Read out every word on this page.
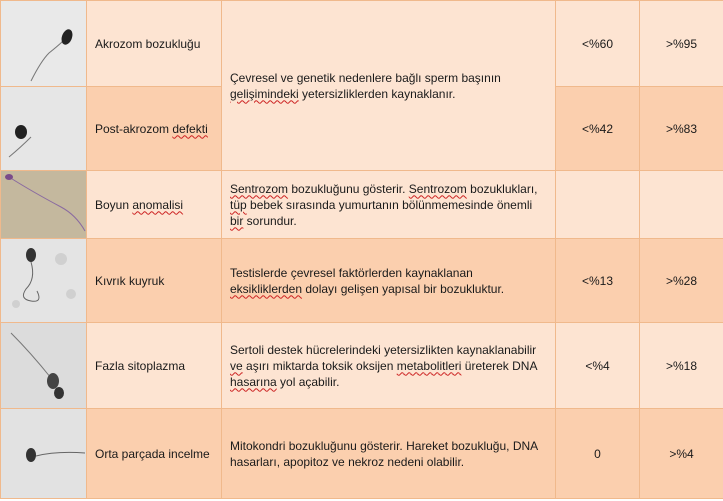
	Akrozom bozukluğu	Çevresel ve genetik nedenlere bağlı sperm başının gelişimindeki yetersizliklerden kaynaklanır.	<%60	>%95

	Post-akrozom defekti		<%42	>%83

	Boyun anomalisi	Sentrozom bozukluğunu gösterir. Sentrozom bozuklukları, tüp bebek sırasında yumurtanın bölünmemesinde önemli bir sorundur.		

	Kıvrık kuyruk	Testislerde çevresel faktörlerden kaynaklanan eksikliklerden dolayı gelişen yapısal bir bozukluktur.	<%13	>%28

	Fazla sitoplazma	Sertoli destek hücrelerindeki yetersizlikten kaynaklanabilir ve aşırı miktarda toksik oksijen metabolitleri üreterek DNA hasarına yol açabilir.	<%4	>%18

	Orta parçada incelme	Mitokondri bozukluğunu gösterir. Hareket bozukluğu, DNA hasarları, apopitoz ve nekroz nedeni olabilir.	0	>%4
